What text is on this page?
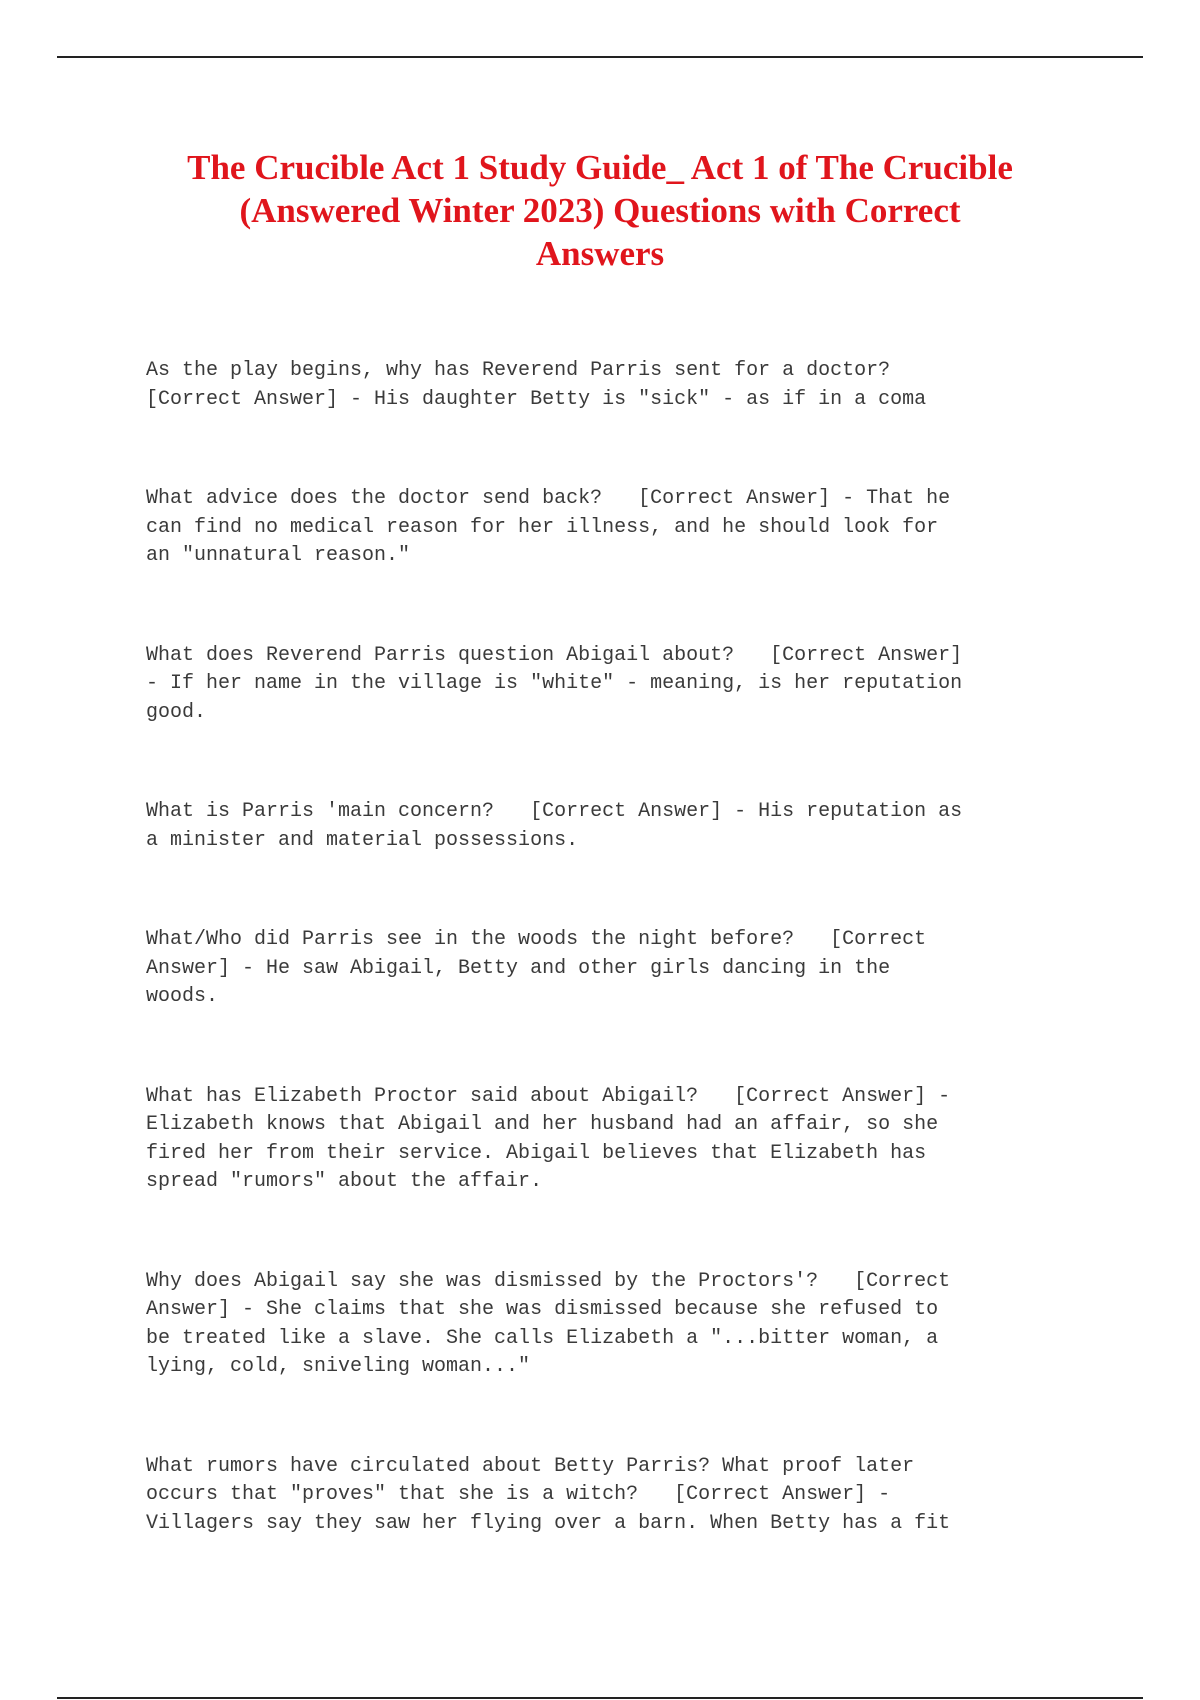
The Crucible Act 1 Study Guide_ Act 1 of The Crucible
(Answered Winter 2023) Questions with Correct
Answers

As the play begins, why has Reverend Parris sent for a doctor?
[Correct Answer] - His daughter Betty is "sick" - as if in a coma

What advice does the doctor send back?   [Correct Answer] - That he
can find no medical reason for her illness, and he should look for
an "unnatural reason."

What does Reverend Parris question Abigail about?   [Correct Answer]
- If her name in the village is "white" - meaning, is her reputation
good.

What is Parris 'main concern?   [Correct Answer] - His reputation as
a minister and material possessions.

What/Who did Parris see in the woods the night before?   [Correct
Answer] - He saw Abigail, Betty and other girls dancing in the
woods.

What has Elizabeth Proctor said about Abigail?   [Correct Answer] -
Elizabeth knows that Abigail and her husband had an affair, so she
fired her from their service. Abigail believes that Elizabeth has
spread "rumors" about the affair.

Why does Abigail say she was dismissed by the Proctors'?   [Correct
Answer] - She claims that she was dismissed because she refused to
be treated like a slave. She calls Elizabeth a "...bitter woman, a
lying, cold, sniveling woman..."

What rumors have circulated about Betty Parris? What proof later
occurs that "proves" that she is a witch?   [Correct Answer] -
Villagers say they saw her flying over a barn. When Betty has a fit
